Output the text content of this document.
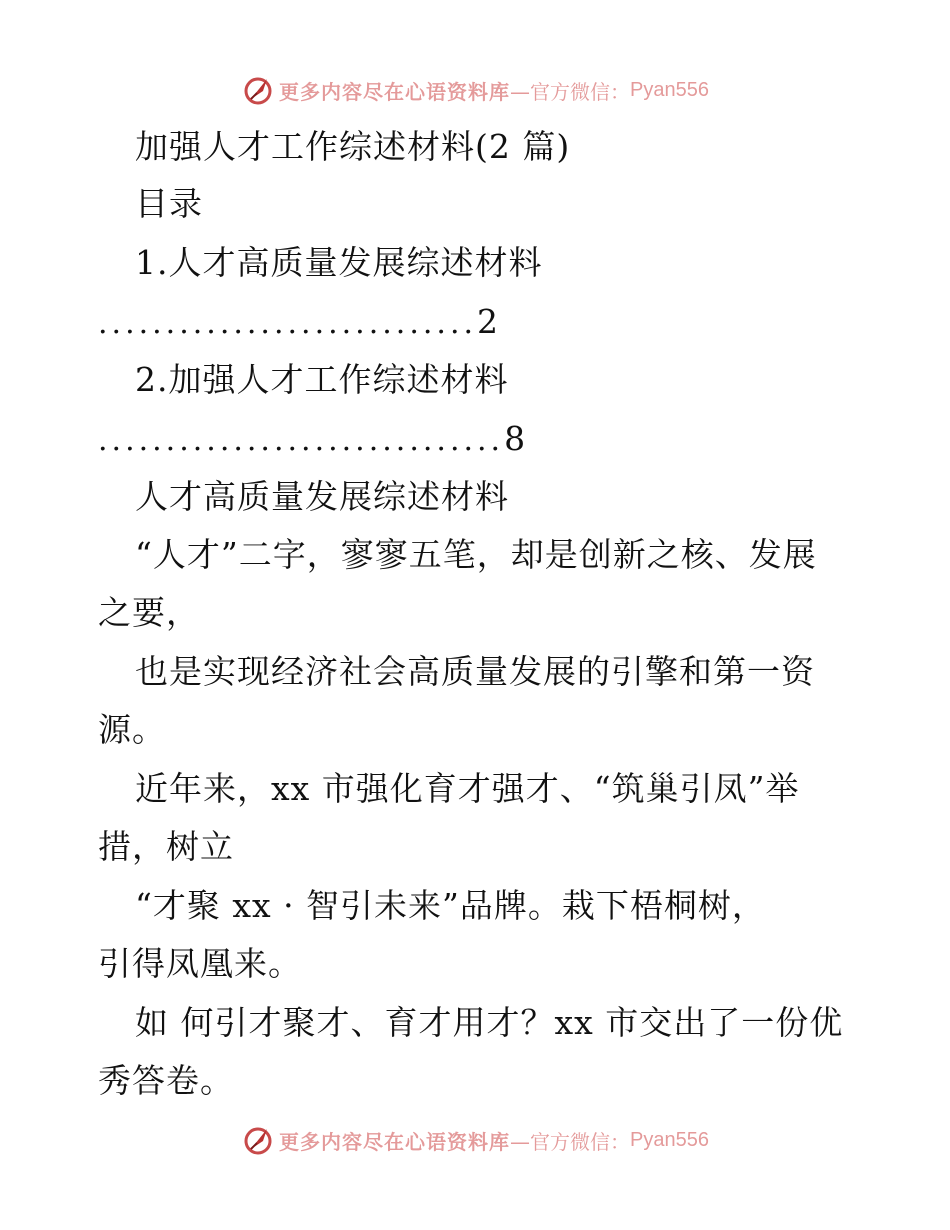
更多内容尽在心语资料库 —官方微信： Pyan556
加强人才工作综述材料(2 篇)
目录
1.人才高质量发展综述材料
............................2
2.加强人才工作综述材料
..............................8
人才高质量发展综述材料
“人才”二字，寥寥五笔，却是创新之核、发展
之要，
也是实现经济社会高质量发展的引擎和第一资
源。
近年来，xx 市强化育才强才、“筑巢引凤”举
措，树立
“才聚 xx · 智引未来”品牌。栽下梧桐树，
引得凤凰来。
如 何引才聚才、育才用才？xx 市交出了一份优
秀答卷。
更多内容尽在心语资料库 —官方微信： Pyan556
